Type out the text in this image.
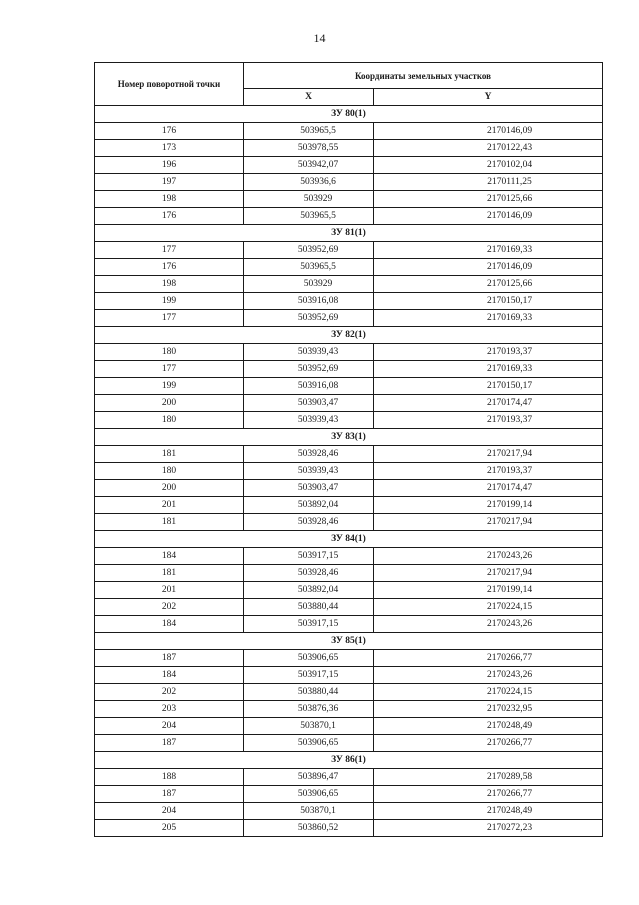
14
Номер поворотной точки	Координаты земельных участков	
	X	Y
ЗУ 80(1)		
176	503965,5	2170146,09
173	503978,55	2170122,43
196	503942,07	2170102,04
197	503936,6	2170111,25
198	503929	2170125,66
176	503965,5	2170146,09
ЗУ 81(1)		
177	503952,69	2170169,33
176	503965,5	2170146,09
198	503929	2170125,66
199	503916,08	2170150,17
177	503952,69	2170169,33
ЗУ 82(1)		
180	503939,43	2170193,37
177	503952,69	2170169,33
199	503916,08	2170150,17
200	503903,47	2170174,47
180	503939,43	2170193,37
ЗУ 83(1)		
181	503928,46	2170217,94
180	503939,43	2170193,37
200	503903,47	2170174,47
201	503892,04	2170199,14
181	503928,46	2170217,94
ЗУ 84(1)		
184	503917,15	2170243,26
181	503928,46	2170217,94
201	503892,04	2170199,14
202	503880,44	2170224,15
184	503917,15	2170243,26
ЗУ 85(1)		
187	503906,65	2170266,77
184	503917,15	2170243,26
202	503880,44	2170224,15
203	503876,36	2170232,95
204	503870,1	2170248,49
187	503906,65	2170266,77
ЗУ 86(1)		
188	503896,47	2170289,58
187	503906,65	2170266,77
204	503870,1	2170248,49
205	503860,52	2170272,23
